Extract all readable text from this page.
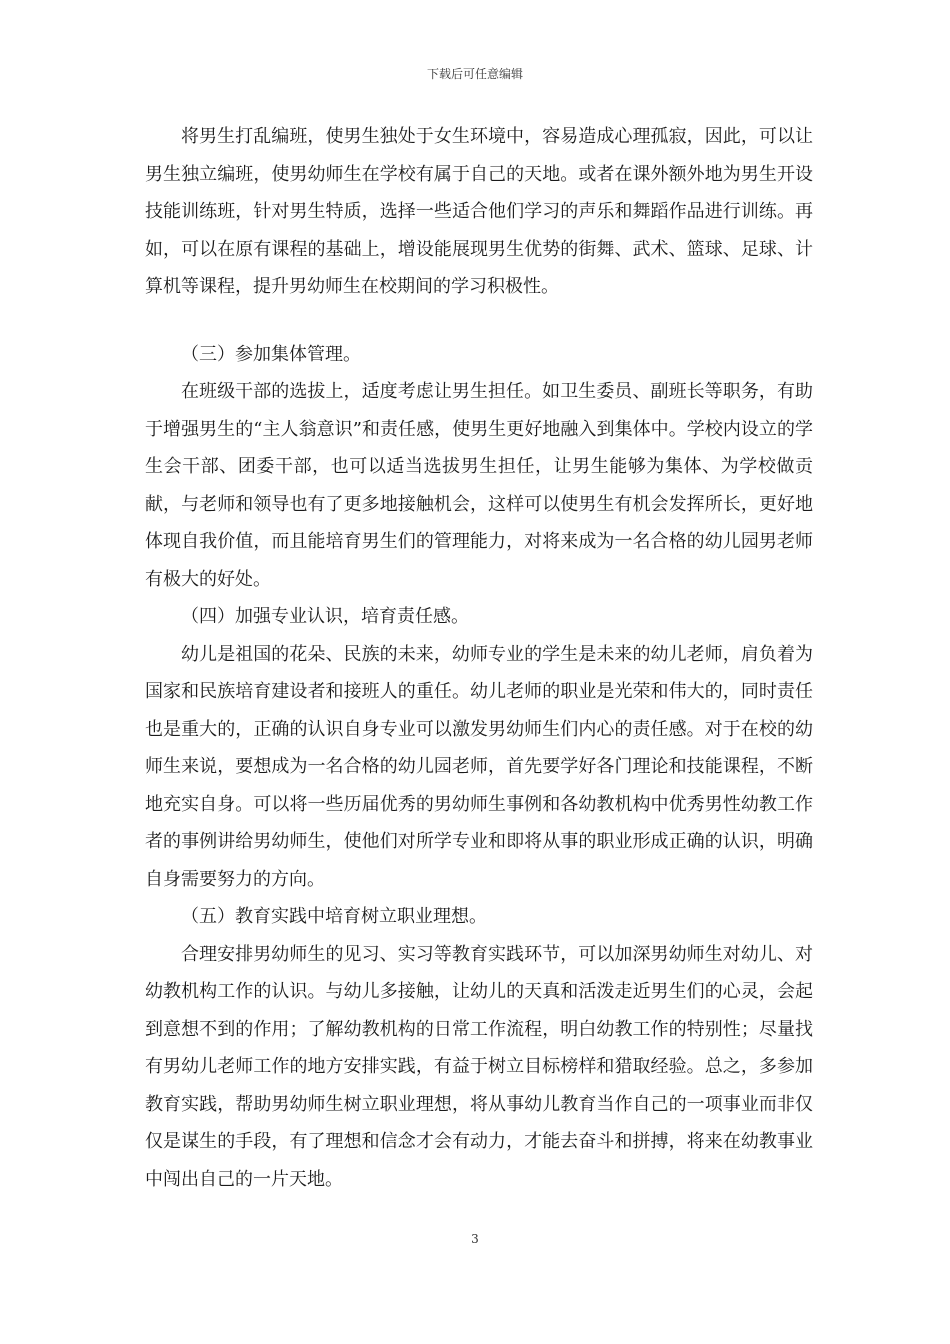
下载后可任意编辑

将男生打乱编班，使男生独处于女生环境中，容易造成心理孤寂，因此，可以让男生独立编班，使男幼师生在学校有属于自己的天地。或者在课外额外地为男生开设技能训练班，针对男生特质，选择一些适合他们学习的声乐和舞蹈作品进行训练。再如，可以在原有课程的基础上，增设能展现男生优势的街舞、武术、篮球、足球、计算机等课程，提升男幼师生在校期间的学习积极性。

（三）参加集体管理。

在班级干部的选拔上，适度考虑让男生担任。如卫生委员、副班长等职务，有助于增强男生的“主人翁意识”和责任感，使男生更好地融入到集体中。学校内设立的学生会干部、团委干部，也可以适当选拔男生担任，让男生能够为集体、为学校做贡献，与老师和领导也有了更多地接触机会，这样可以使男生有机会发挥所长，更好地体现自我价值，而且能培育男生们的管理能力，对将来成为一名合格的幼儿园男老师有极大的好处。

（四）加强专业认识，培育责任感。

幼儿是祖国的花朵、民族的未来，幼师专业的学生是未来的幼儿老师，肩负着为国家和民族培育建设者和接班人的重任。幼儿老师的职业是光荣和伟大的，同时责任也是重大的，正确的认识自身专业可以激发男幼师生们内心的责任感。对于在校的幼师生来说，要想成为一名合格的幼儿园老师，首先要学好各门理论和技能课程，不断地充实自身。可以将一些历届优秀的男幼师生事例和各幼教机构中优秀男性幼教工作者的事例讲给男幼师生，使他们对所学专业和即将从事的职业形成正确的认识，明确自身需要努力的方向。

（五）教育实践中培育树立职业理想。

合理安排男幼师生的见习、实习等教育实践环节，可以加深男幼师生对幼儿、对幼教机构工作的认识。与幼儿多接触，让幼儿的天真和活泼走近男生们的心灵，会起到意想不到的作用；了解幼教机构的日常工作流程，明白幼教工作的特别性；尽量找有男幼儿老师工作的地方安排实践，有益于树立目标榜样和猎取经验。总之，多参加教育实践，帮助男幼师生树立职业理想，将从事幼儿教育当作自己的一项事业而非仅仅是谋生的手段，有了理想和信念才会有动力，才能去奋斗和拼搏，将来在幼教事业中闯出自己的一片天地。

3
